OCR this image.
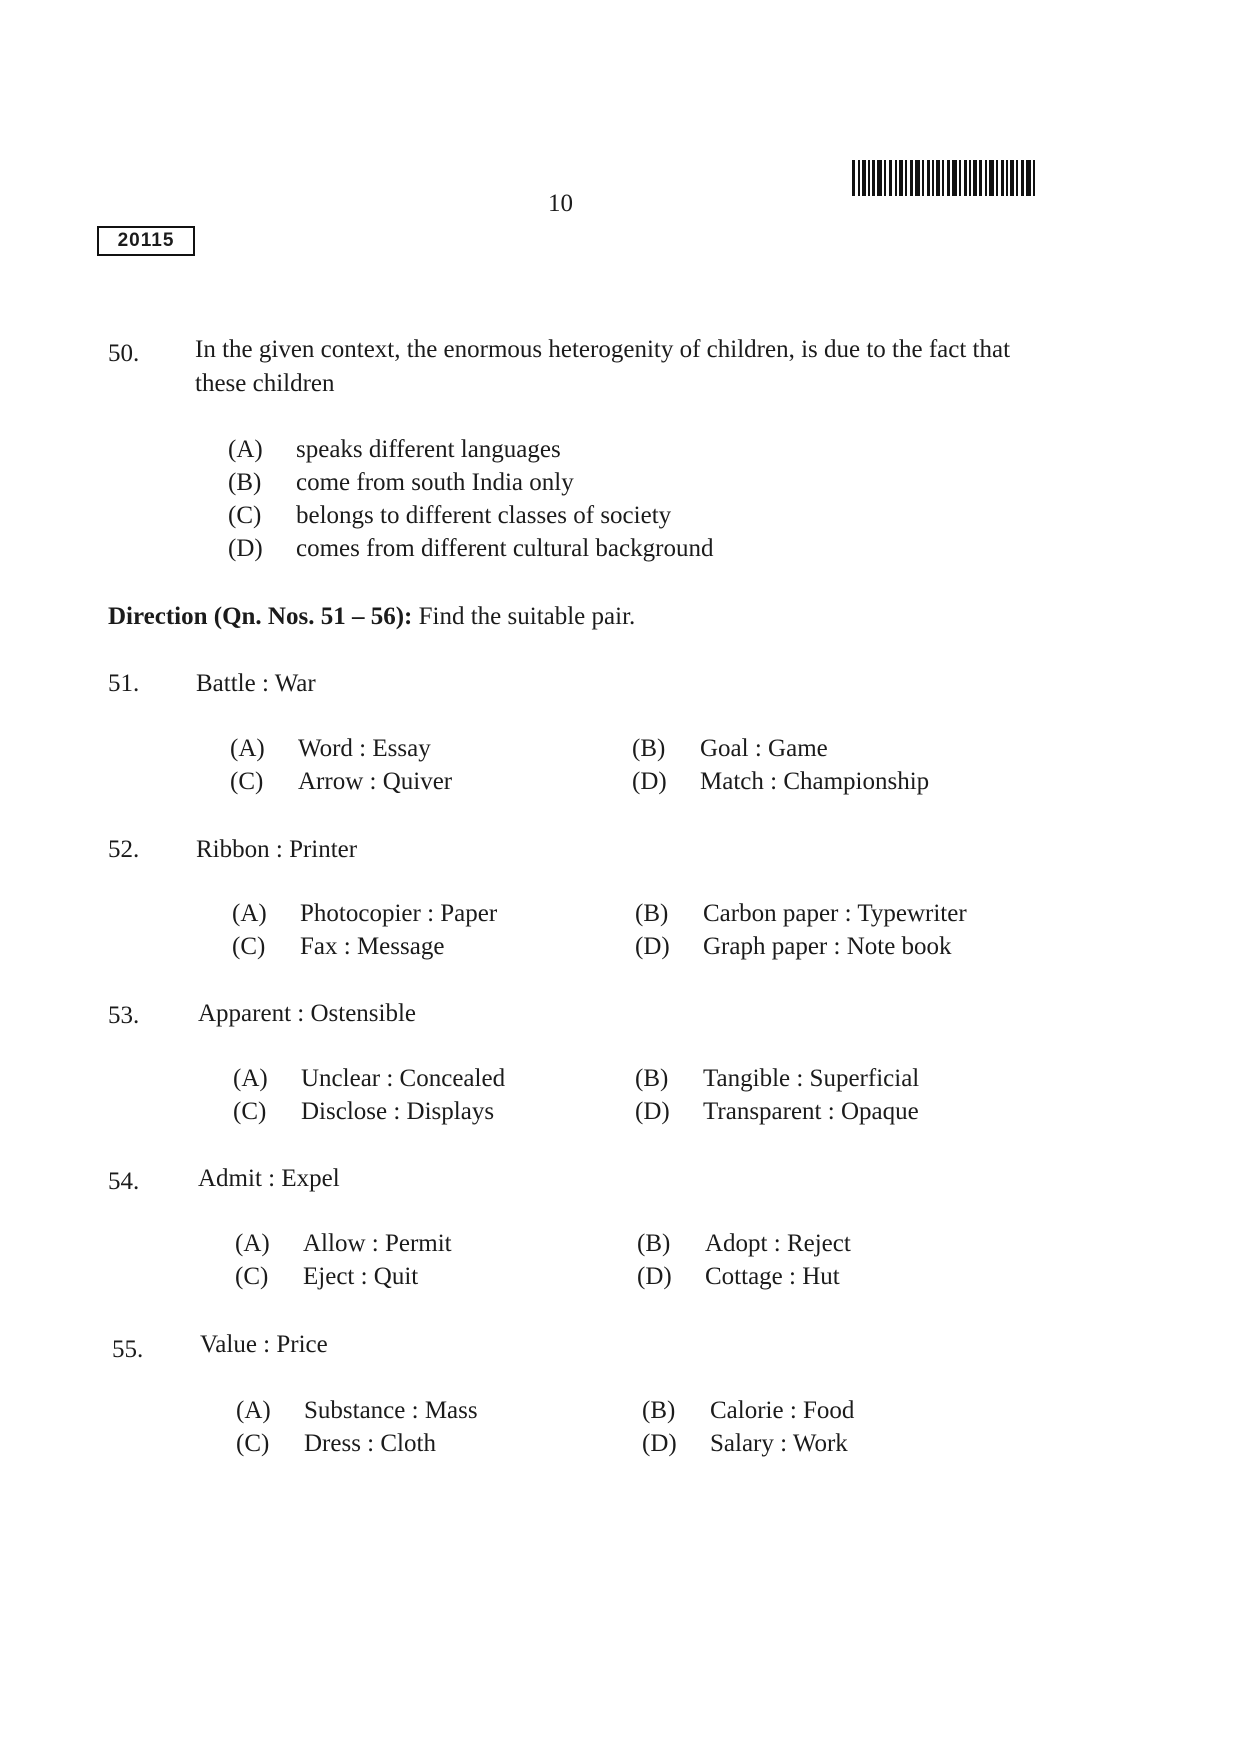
10
20115
50. In the given context, the enormous heterogenity of children, is due to the fact that these children
(A) speaks different languages
(B) come from south India only
(C) belongs to different classes of society
(D) comes from different cultural background
Direction (Qn. Nos. 51 – 56): Find the suitable pair.
51. Battle : War
(A) Word : Essay	(B) Goal : Game
(C) Arrow : Quiver	(D) Match : Championship
52. Ribbon : Printer
(A) Photocopier : Paper	(B) Carbon paper : Typewriter
(C) Fax : Message	(D) Graph paper : Note book
53. Apparent : Ostensible
(A) Unclear : Concealed	(B) Tangible : Superficial
(C) Disclose : Displays	(D) Transparent : Opaque
54. Admit : Expel
(A) Allow : Permit	(B) Adopt : Reject
(C) Eject : Quit	(D) Cottage : Hut
55. Value : Price
(A) Substance : Mass	(B) Calorie : Food
(C) Dress : Cloth	(D) Salary : Work
